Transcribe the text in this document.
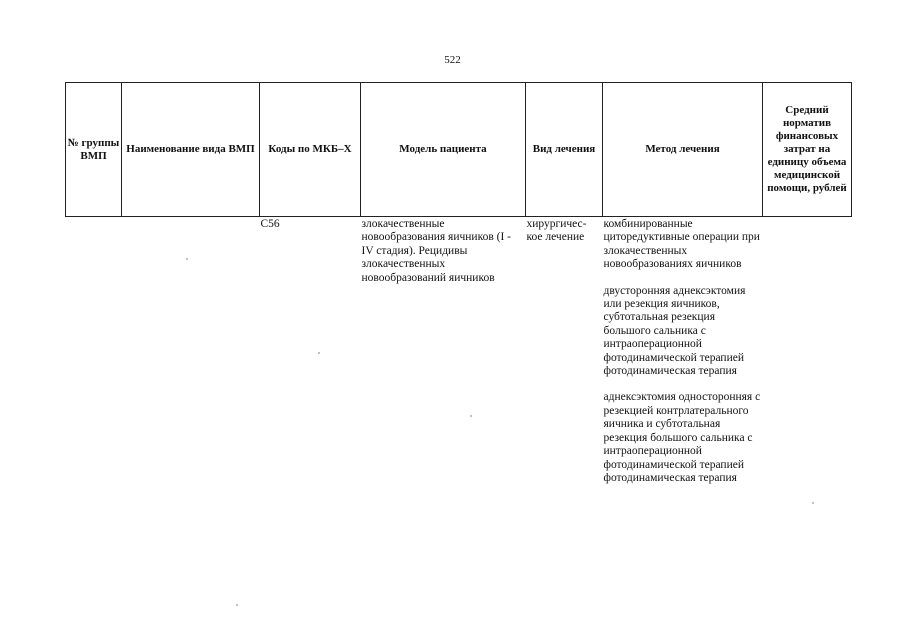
522
№ группы ВМП	Наименование вида ВМП	Коды по МКБ–X	Модель пациента	Вид лечения	Метод лечения	Средний норматив финансовых затрат на единицу объема медицинской помощи, рублей
		C56	злокачественные новообразования яичников (I - IV стадия). Рецидивы злокачественных новообразований яичников	хирургичес-кое лечение	комбинированные циторедуктивные операции при злокачественных новообразованиях яичников
двусторонняя аднексэктомия или резекция яичников, субтотальная резекция большого сальника с интраоперационной фотодинамической терапией фотодинамическая терапия
аднексэктомия односторонняя с резекцией контрлатерального яичника и субтотальная резекция большого сальника с интраоперационной фотодинамической терапией фотодинамическая терапия	
